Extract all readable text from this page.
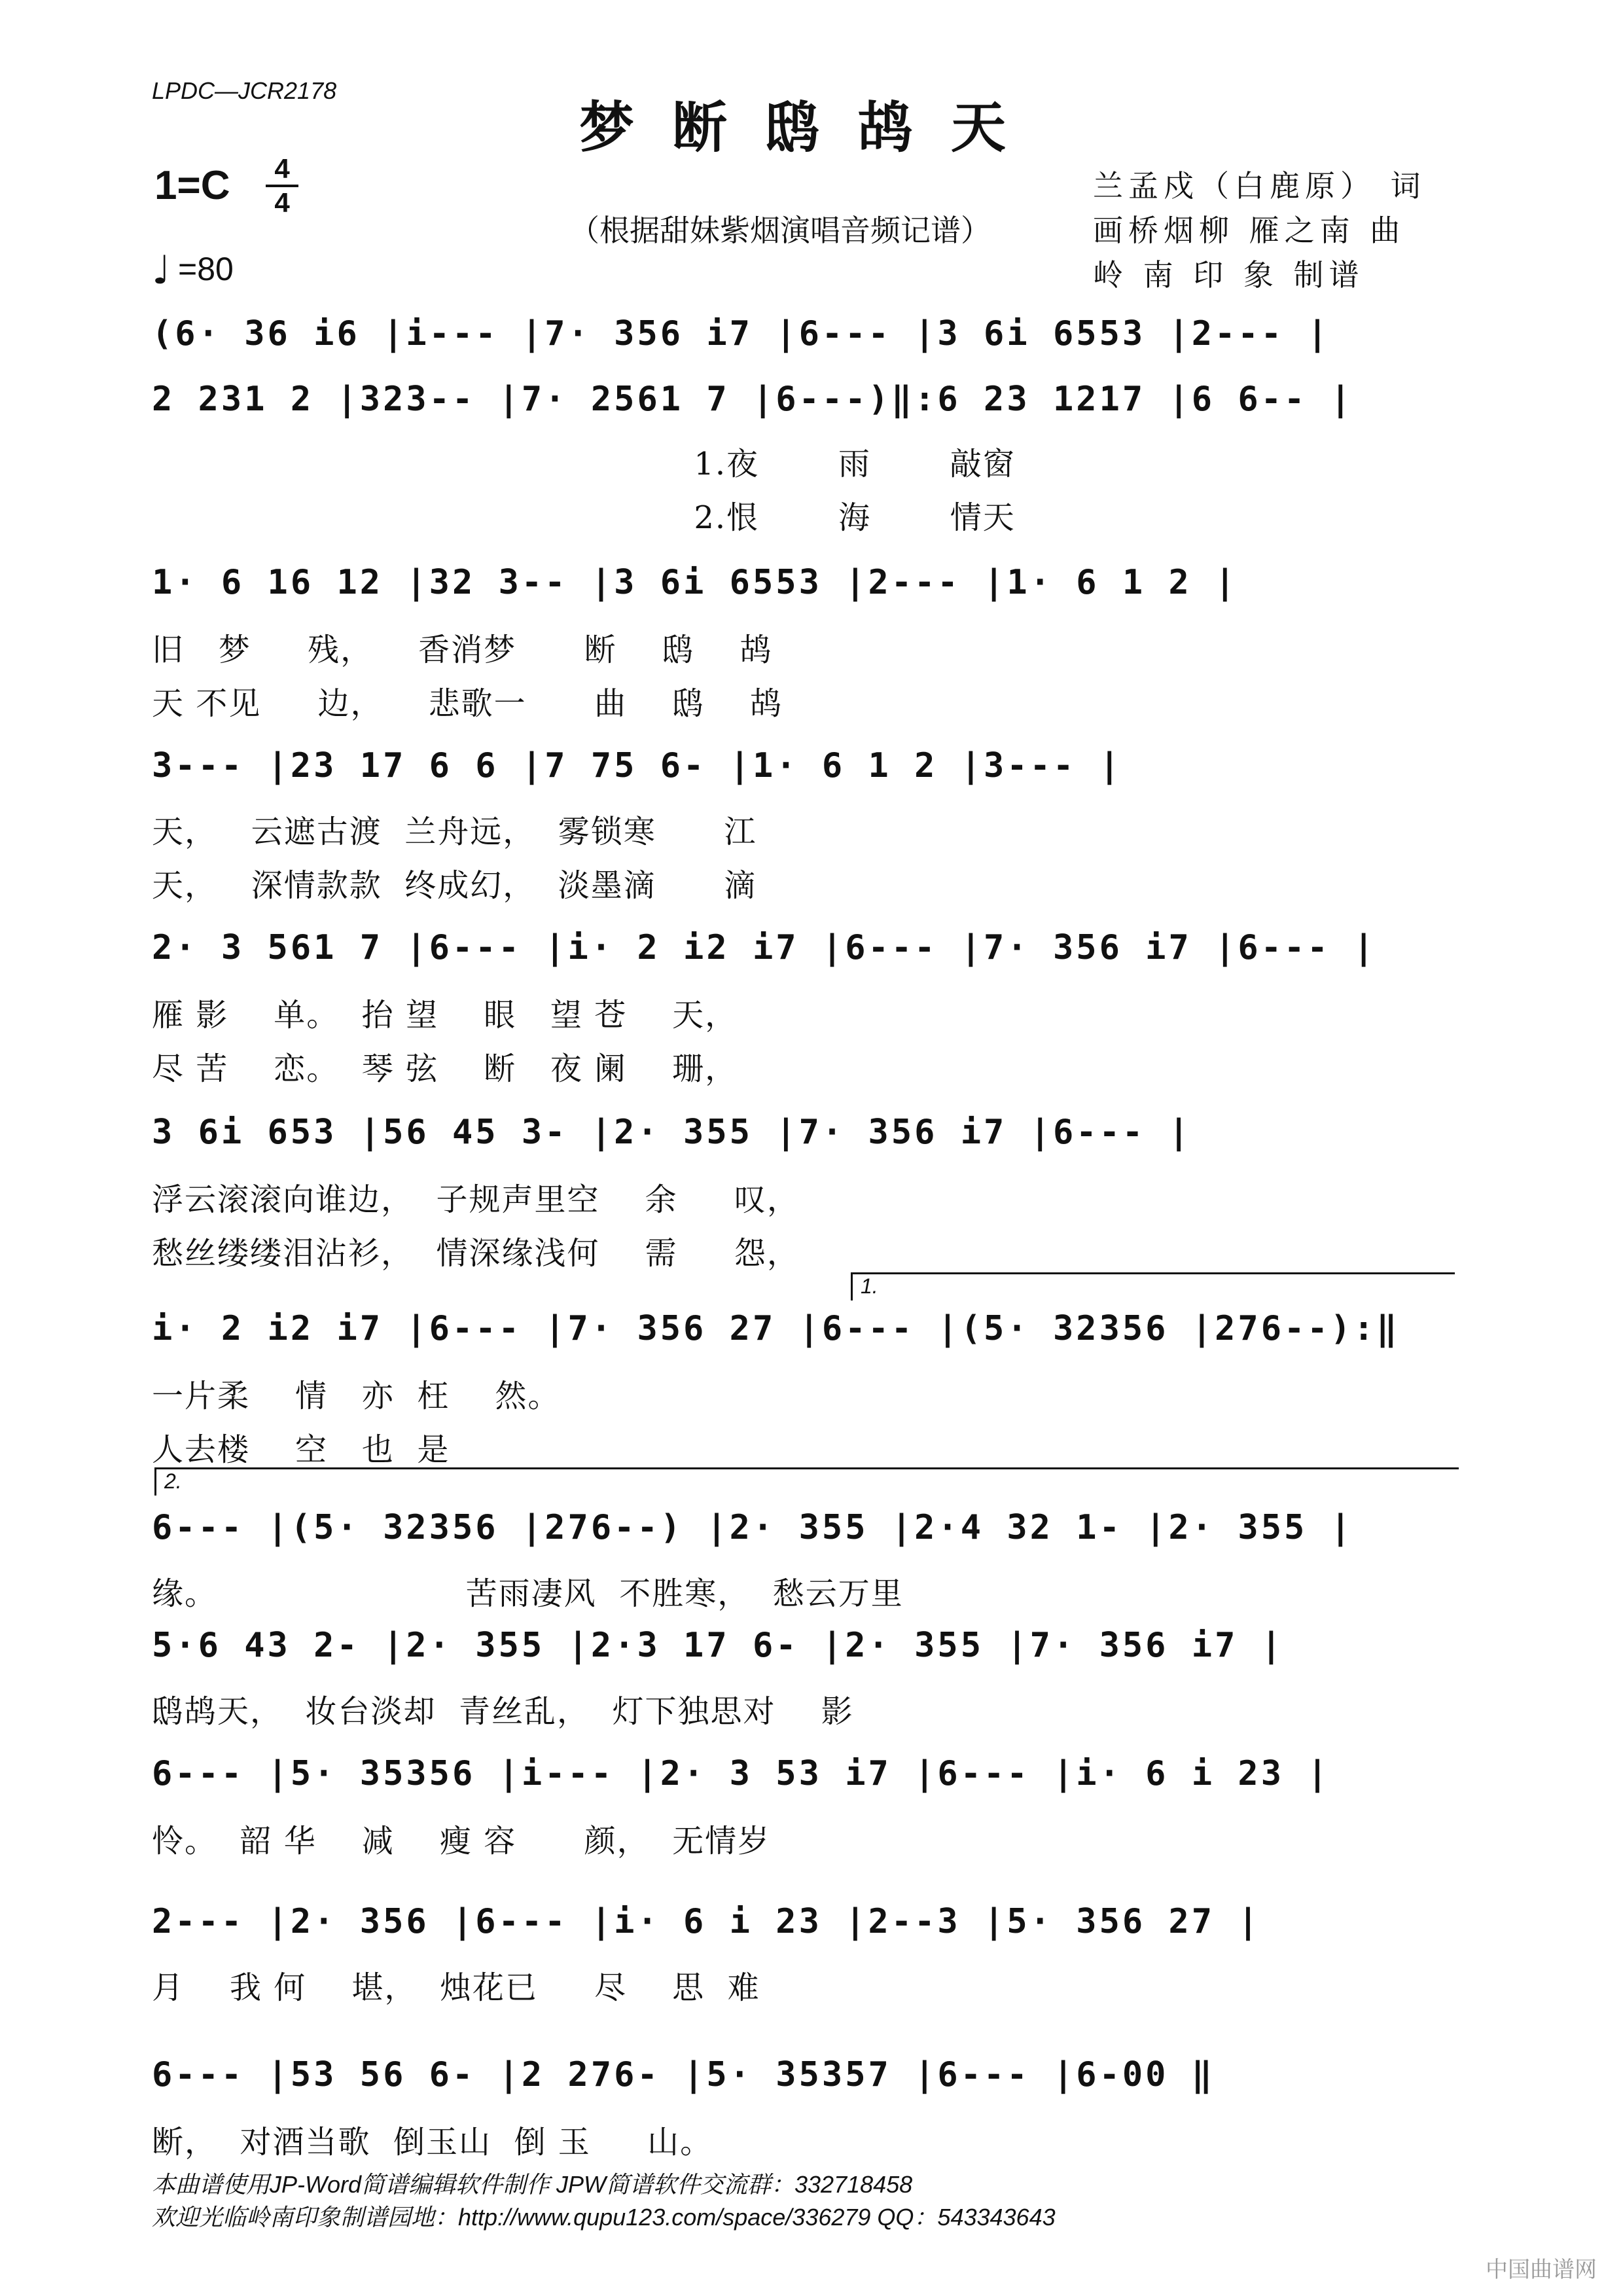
LPDC—JCR2178
梦断鸱鸪天
1=C	4
4
♩ =80
（根据甜妹紫烟演唱音频记谱）
兰孟戍（白鹿原） 词
画桥烟柳 雁之南 曲
岭 南 印 象 制谱
(6· 36 i6 |i--- |7· 356 i7 |6--- |3 6i 6553 |2--- |
2 231 2 |323-- |7· 2561 7 |6---)‖:6 23 1217 |6 6-- |
1.夜       雨       敲窗
2.恨       海       情天
1· 6 16 12 |32 3-- |3 6i 6553 |2--- |1· 6 1 2 |
旧   梦     残，    香消梦      断    鸱    鸪
天 不见     边，    悲歌一      曲    鸱    鸪
3--- |23 17 6 6 |7 75 6- |1· 6 1 2 |3--- |
天，   云遮古渡  兰舟远，  雾锁寒      江
天，   深情款款  终成幻，  淡墨滴      滴
2· 3 561 7 |6--- |i· 2 i2 i7 |6--- |7· 356 i7 |6--- |
雁 影    单。  抬 望    眼   望 苍    天，
尽 苦    恋。  琴 弦    断   夜 阑    珊，
3 6i 653 |56 45 3- |2· 355 |7· 356 i7 |6--- |
浮云滚滚向谁边，  子规声里空    余     叹，
愁丝缕缕泪沾衫，  情深缘浅何    需     怨，
1.
i· 2 i2 i7 |6--- |7· 356 27 |6--- |(5· 32356 |276--):‖
一片柔    情   亦  枉    然。
人去楼    空   也  是
2.
6--- |(5· 32356 |276--) |2· 355 |2·4 32 1- |2· 355 |
缘。                      苦雨凄风  不胜寒，  愁云万里
5·6 43 2- |2· 355 |2·3 17 6- |2· 355 |7· 356 i7 |
鸱鸪天，  妆台淡却  青丝乱，  灯下独思对    影
6--- |5· 35356 |i--- |2· 3 53 i7 |6--- |i· 6 i 23 |
怜。  韶 华    减    瘦 容      颜，  无情岁
2--- |2· 356 |6--- |i· 6 i 23 |2--3 |5· 356 27 |
月    我 何    堪，  烛花已     尽    思  难
6--- |53 56 6- |2 276- |5· 35357 |6--- |6-00 ‖
断，  对酒当歌  倒玉山  倒 玉     山。
本曲谱使用JP-Word简谱编辑软件制作 JPW简谱软件交流群：332718458
欢迎光临岭南印象制谱园地：http://www.qupu123.com/space/336279 QQ：543343643
中国曲谱网
